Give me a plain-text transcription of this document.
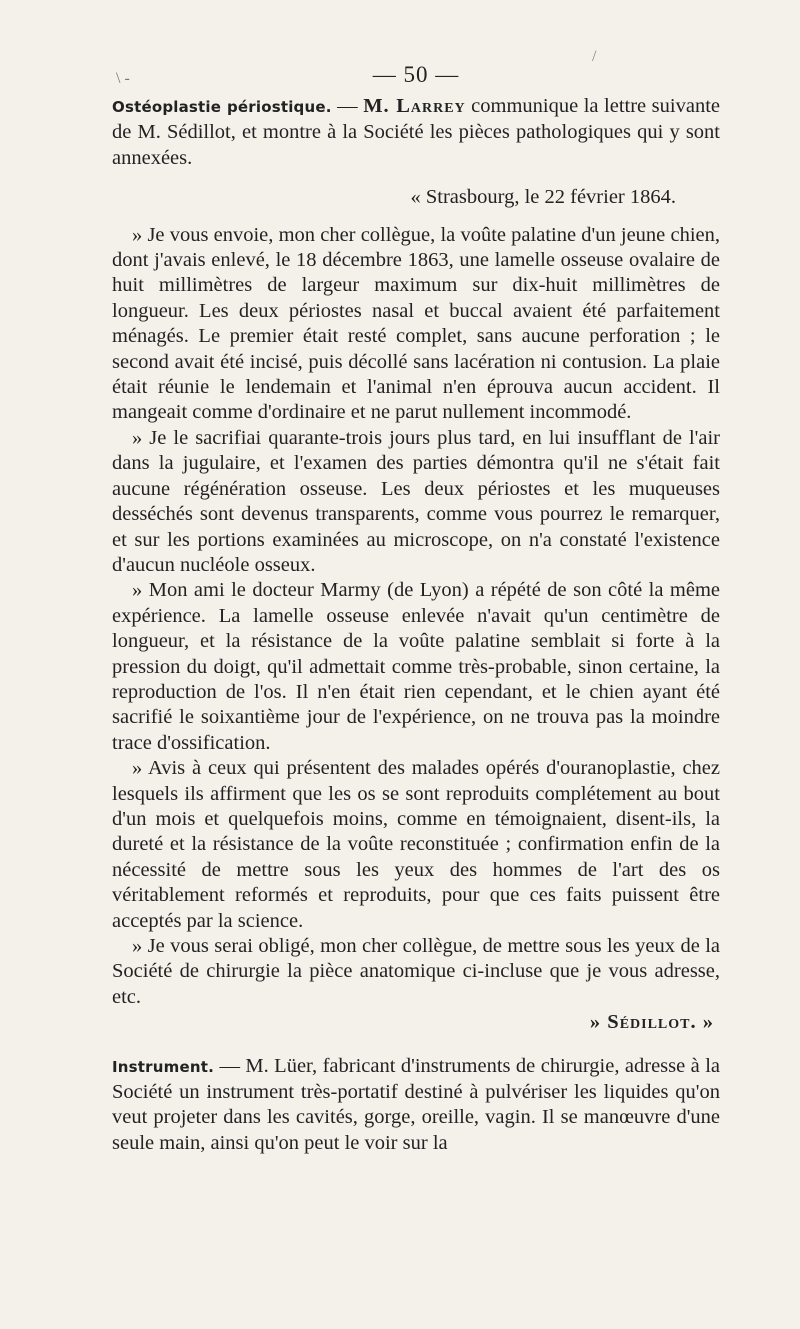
\ -
/
— 50 —

Ostéoplastie périostique. — M. Larrey communique la lettre suivante de M. Sédillot, et montre à la Société les pièces pathologiques qui y sont annexées.

« Strasbourg, le 22 février 1864.

» Je vous envoie, mon cher collègue, la voûte palatine d'un jeune chien, dont j'avais enlevé, le 18 décembre 1863, une lamelle osseuse ovalaire de huit millimètres de largeur maximum sur dix-huit millimètres de longueur. Les deux périostes nasal et buccal avaient été parfaitement ménagés. Le premier était resté complet, sans aucune perforation ; le second avait été incisé, puis décollé sans lacération ni contusion. La plaie était réunie le lendemain et l'animal n'en éprouva aucun accident. Il mangeait comme d'ordinaire et ne parut nullement incommodé.

» Je le sacrifiai quarante-trois jours plus tard, en lui insufflant de l'air dans la jugulaire, et l'examen des parties démontra qu'il ne s'était fait aucune régénération osseuse. Les deux périostes et les muqueuses desséchés sont devenus transparents, comme vous pourrez le remarquer, et sur les portions examinées au microscope, on n'a constaté l'existence d'aucun nucléole osseux.

» Mon ami le docteur Marmy (de Lyon) a répété de son côté la même expérience. La lamelle osseuse enlevée n'avait qu'un centimètre de longueur, et la résistance de la voûte palatine semblait si forte à la pression du doigt, qu'il admettait comme très-probable, sinon certaine, la reproduction de l'os. Il n'en était rien cependant, et le chien ayant été sacrifié le soixantième jour de l'expérience, on ne trouva pas la moindre trace d'ossification.

» Avis à ceux qui présentent des malades opérés d'ouranoplastie, chez lesquels ils affirment que les os se sont reproduits complétement au bout d'un mois et quelquefois moins, comme en témoignaient, disent-ils, la dureté et la résistance de la voûte reconstituée ; confirmation enfin de la nécessité de mettre sous les yeux des hommes de l'art des os véritablement reformés et reproduits, pour que ces faits puissent être acceptés par la science.

» Je vous serai obligé, mon cher collègue, de mettre sous les yeux de la Société de chirurgie la pièce anatomique ci-incluse que je vous adresse, etc.

» Sédillot. »

Instrument. — M. Lüer, fabricant d'instruments de chirurgie, adresse à la Société un instrument très-portatif destiné à pulvériser les liquides qu'on veut projeter dans les cavités, gorge, oreille, vagin. Il se manœuvre d'une seule main, ainsi qu'on peut le voir sur la
